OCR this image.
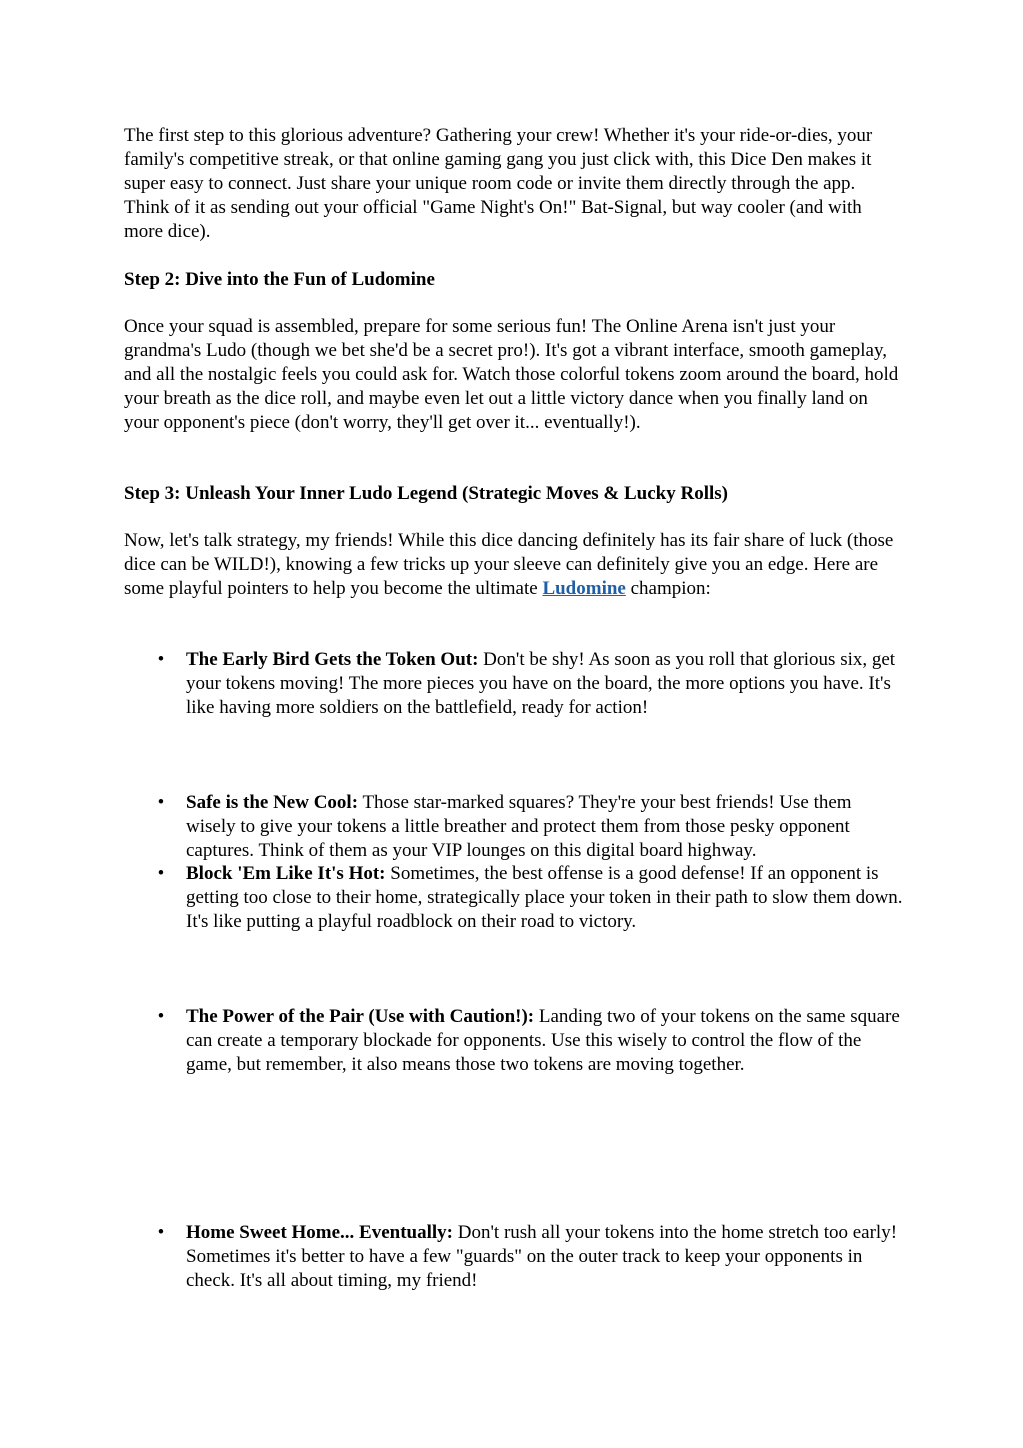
The first step to this glorious adventure? Gathering your crew! Whether it's your ride-or-dies, your family's competitive streak, or that online gaming gang you just click with, this Dice Den makes it super easy to connect. Just share your unique room code or invite them directly through the app. Think of it as sending out your official "Game Night's On!" Bat-Signal, but way cooler (and with more dice).

Step 2: Dive into the Fun of Ludomine

Once your squad is assembled, prepare for some serious fun! The Online Arena isn't just your grandma's Ludo (though we bet she'd be a secret pro!). It's got a vibrant interface, smooth gameplay, and all the nostalgic feels you could ask for. Watch those colorful tokens zoom around the board, hold your breath as the dice roll, and maybe even let out a little victory dance when you finally land on your opponent's piece (don't worry, they'll get over it... eventually!).

Step 3: Unleash Your Inner Ludo Legend (Strategic Moves & Lucky Rolls)

Now, let's talk strategy, my friends! While this dice dancing definitely has its fair share of luck (those dice can be WILD!), knowing a few tricks up your sleeve can definitely give you an edge. Here are some playful pointers to help you become the ultimate Ludomine champion:

• The Early Bird Gets the Token Out: Don't be shy! As soon as you roll that glorious six, get your tokens moving! The more pieces you have on the board, the more options you have. It's like having more soldiers on the battlefield, ready for action!
• Safe is the New Cool: Those star-marked squares? They're your best friends! Use them wisely to give your tokens a little breather and protect them from those pesky opponent captures. Think of them as your VIP lounges on this digital board highway.
• Block 'Em Like It's Hot: Sometimes, the best offense is a good defense! If an opponent is getting too close to their home, strategically place your token in their path to slow them down. It's like putting a playful roadblock on their road to victory.
• The Power of the Pair (Use with Caution!): Landing two of your tokens on the same square can create a temporary blockade for opponents. Use this wisely to control the flow of the game, but remember, it also means those two tokens are moving together.
• Home Sweet Home... Eventually: Don't rush all your tokens into the home stretch too early! Sometimes it's better to have a few "guards" on the outer track to keep your opponents in check. It's all about timing, my friend!
